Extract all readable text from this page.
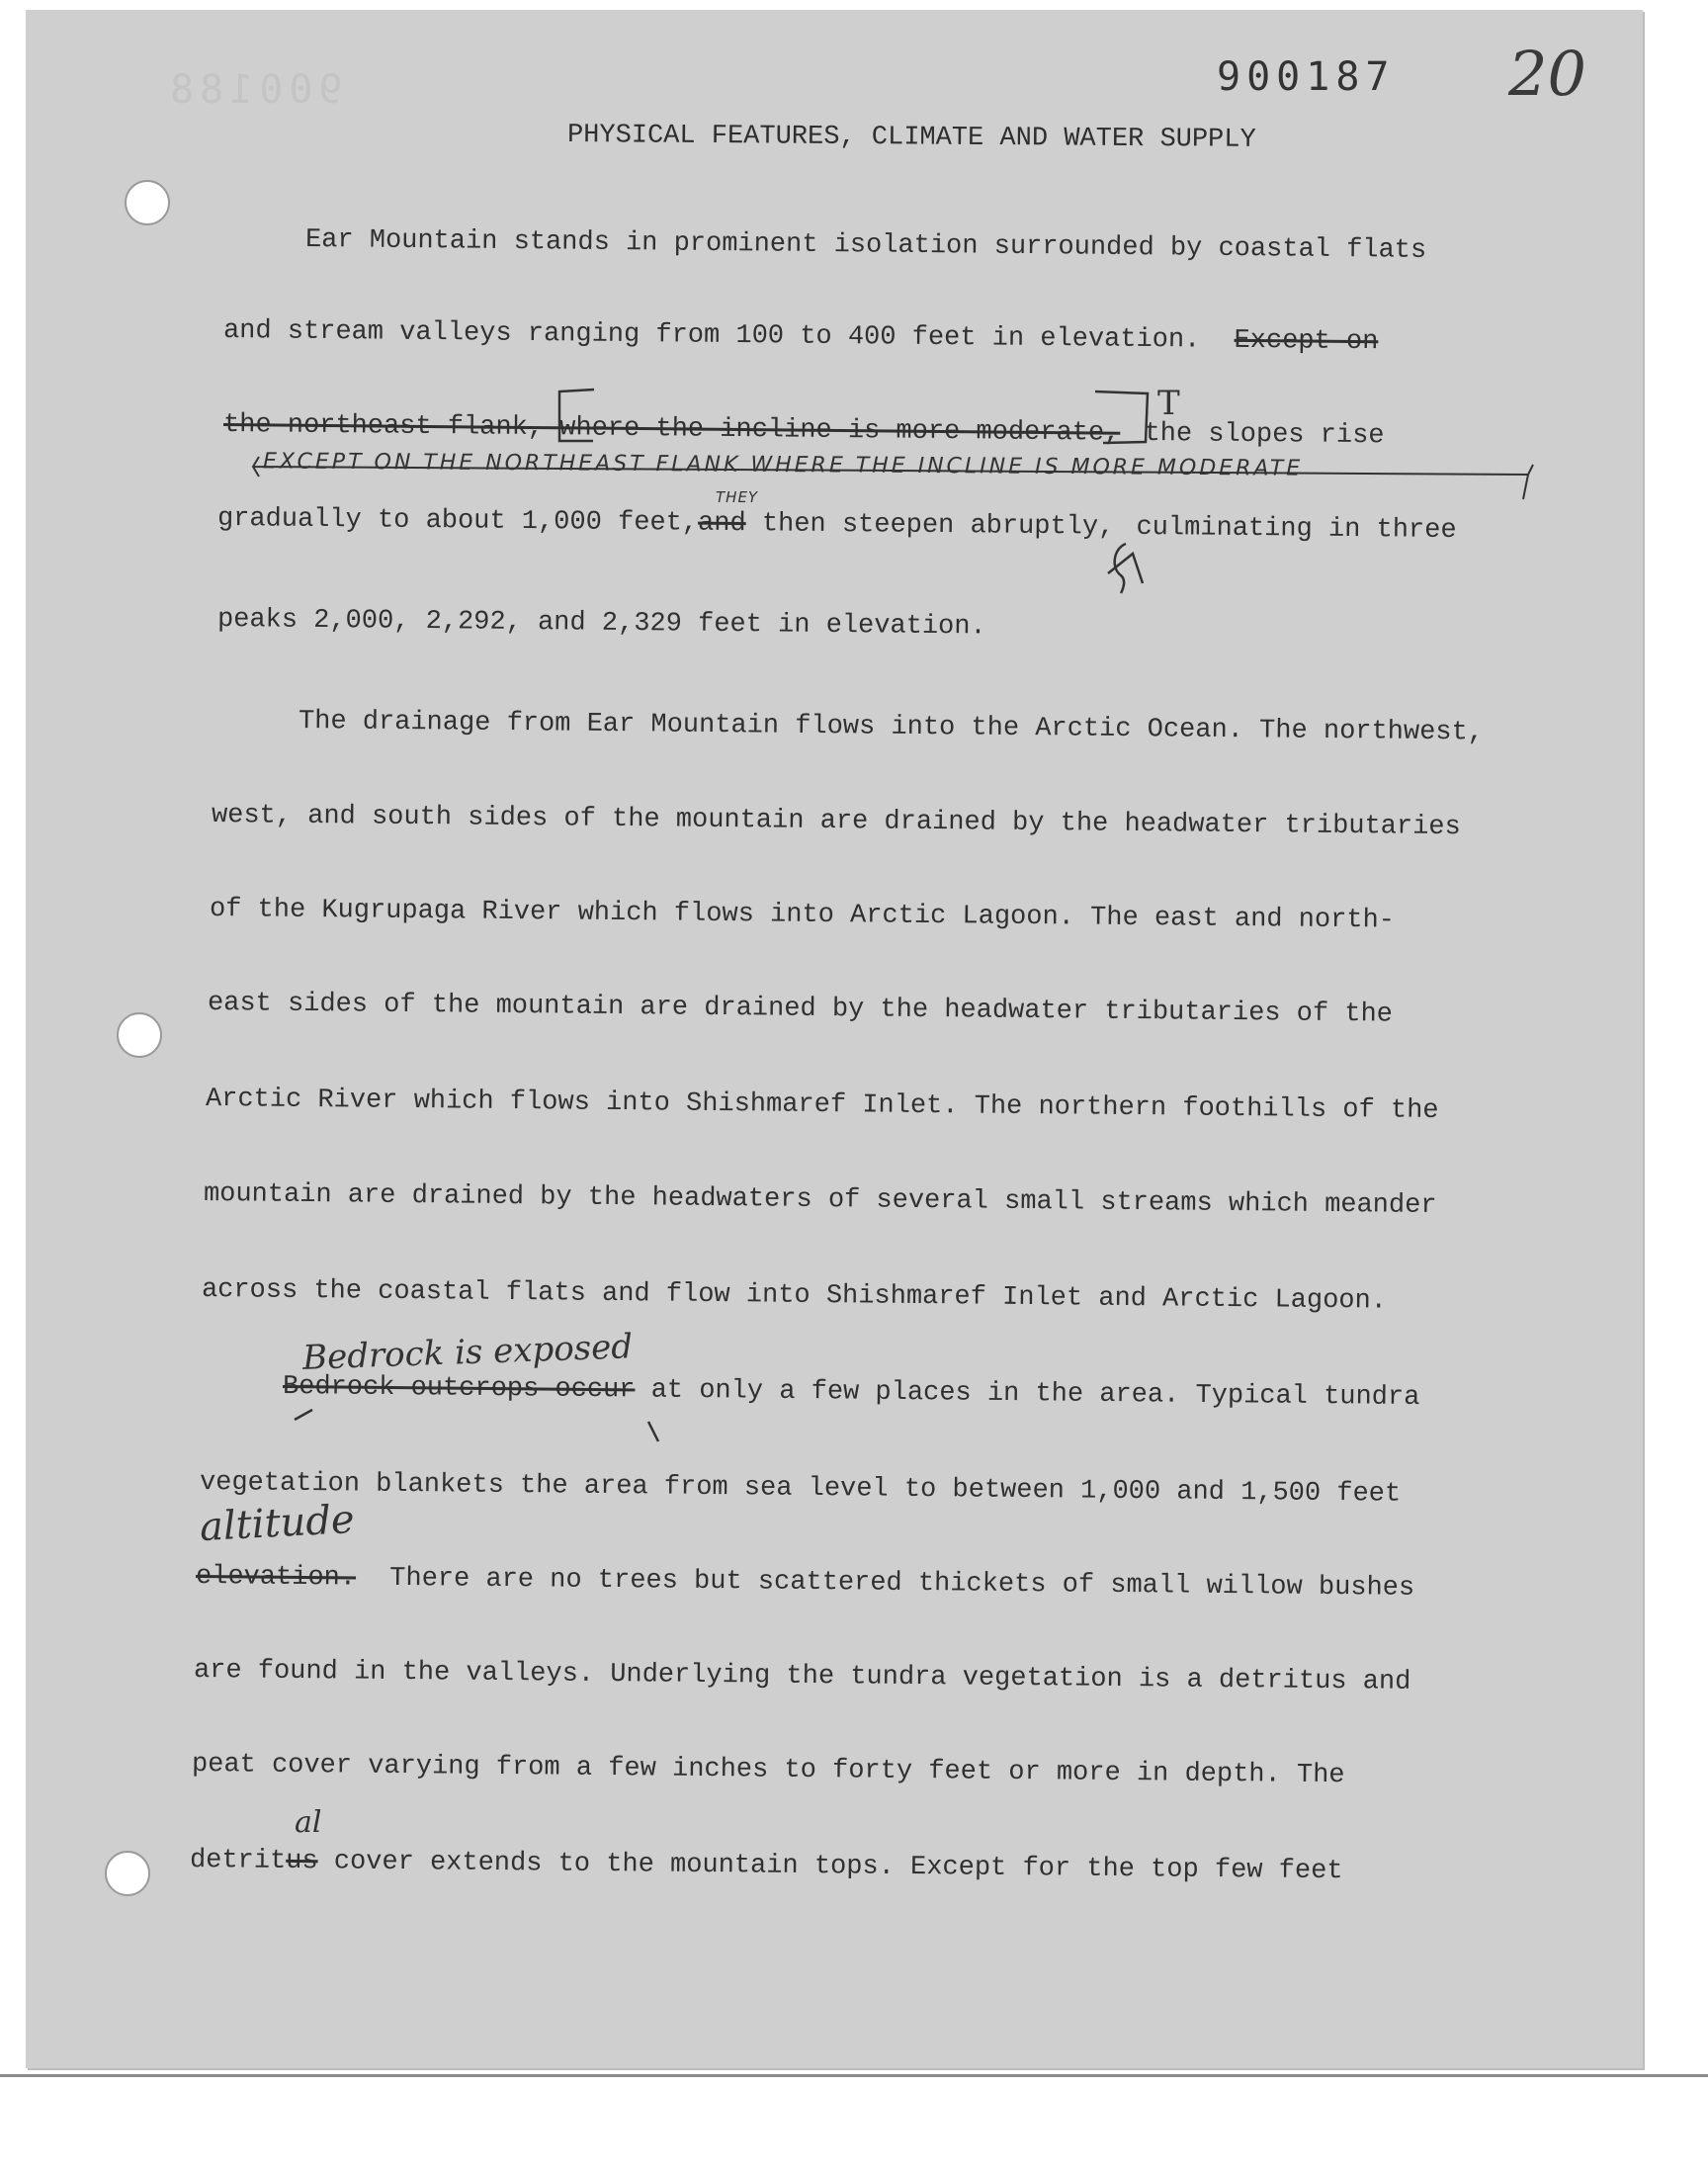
900188	900187 20
PHYSICAL FEATURES, CLIMATE AND WATER SUPPLY
Ear Mountain stands in prominent isolation surrounded by coastal flats
and stream valleys ranging from 100 to 400 feet in elevation. Except on
the northeast flank, where the incline is more moderate, the slopes rise
T
EXCEPT ON THE NORTHEAST FLANK WHERE THE INCLINE IS MORE MODERATE
gradually to about 1,000 feet,and then steepen abruptly, culminating in three
THEY
peaks 2,000, 2,292, and 2,329 feet in elevation.
The drainage from Ear Mountain flows into the Arctic Ocean. The northwest,
west, and south sides of the mountain are drained by the headwater tributaries
of the Kugrupaga River which flows into Arctic Lagoon. The east and north-
east sides of the mountain are drained by the headwater tributaries of the
Arctic River which flows into Shishmaref Inlet. The northern foothills of the
mountain are drained by the headwaters of several small streams which meander
across the coastal flats and flow into Shishmaref Inlet and Arctic Lagoon.
Bedrock is exposed
Bedrock outcrops occur at only a few places in the area. Typical tundra
vegetation blankets the area from sea level to between 1,000 and 1,500 feet
altitude
elevation. There are no trees but scattered thickets of small willow bushes
are found in the valleys. Underlying the tundra vegetation is a detritus and
peat cover varying from a few inches to forty feet or more in depth. The
al
detritus cover extends to the mountain tops. Except for the top few feet
